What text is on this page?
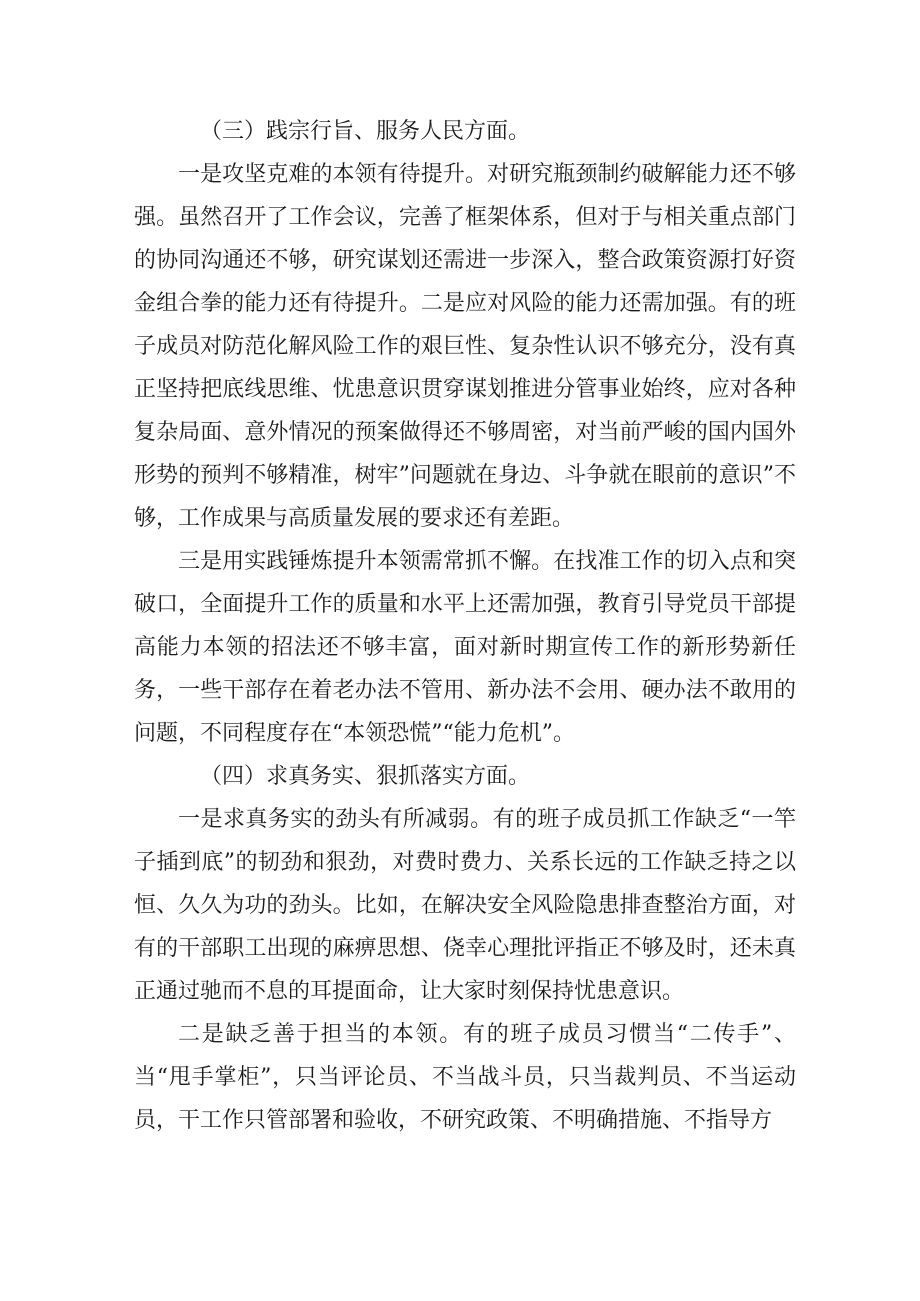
（三）践宗行旨、服务人民方面。

一是攻坚克难的本领有待提升。对研究瓶颈制约破解能力还不够强。虽然召开了工作会议，完善了框架体系，但对于与相关重点部门的协同沟通还不够，研究谋划还需进一步深入，整合政策资源打好资金组合拳的能力还有待提升。二是应对风险的能力还需加强。有的班子成员对防范化解风险工作的艰巨性、复杂性认识不够充分，没有真正坚持把底线思维、忧患意识贯穿谋划推进分管事业始终，应对各种复杂局面、意外情况的预案做得还不够周密，对当前严峻的国内国外形势的预判不够精准，树牢”问题就在身边、斗争就在眼前的意识”不够，工作成果与高质量发展的要求还有差距。

三是用实践锤炼提升本领需常抓不懈。在找准工作的切入点和突破口，全面提升工作的质量和水平上还需加强，教育引导党员干部提高能力本领的招法还不够丰富，面对新时期宣传工作的新形势新任务，一些干部存在着老办法不管用、新办法不会用、硬办法不敢用的问题，不同程度存在“本领恐慌”“能力危机”。

（四）求真务实、狠抓落实方面。

一是求真务实的劲头有所减弱。有的班子成员抓工作缺乏“一竿子插到底”的韧劲和狠劲，对费时费力、关系长远的工作缺乏持之以恒、久久为功的劲头。比如，在解决安全风险隐患排查整治方面，对有的干部职工出现的麻痹思想、侥幸心理批评指正不够及时，还未真正通过驰而不息的耳提面命，让大家时刻保持忧患意识。

二是缺乏善于担当的本领。有的班子成员习惯当“二传手”、当“甩手掌柜”，只当评论员、不当战斗员，只当裁判员、不当运动员，干工作只管部署和验收，不研究政策、不明确措施、不指导方
